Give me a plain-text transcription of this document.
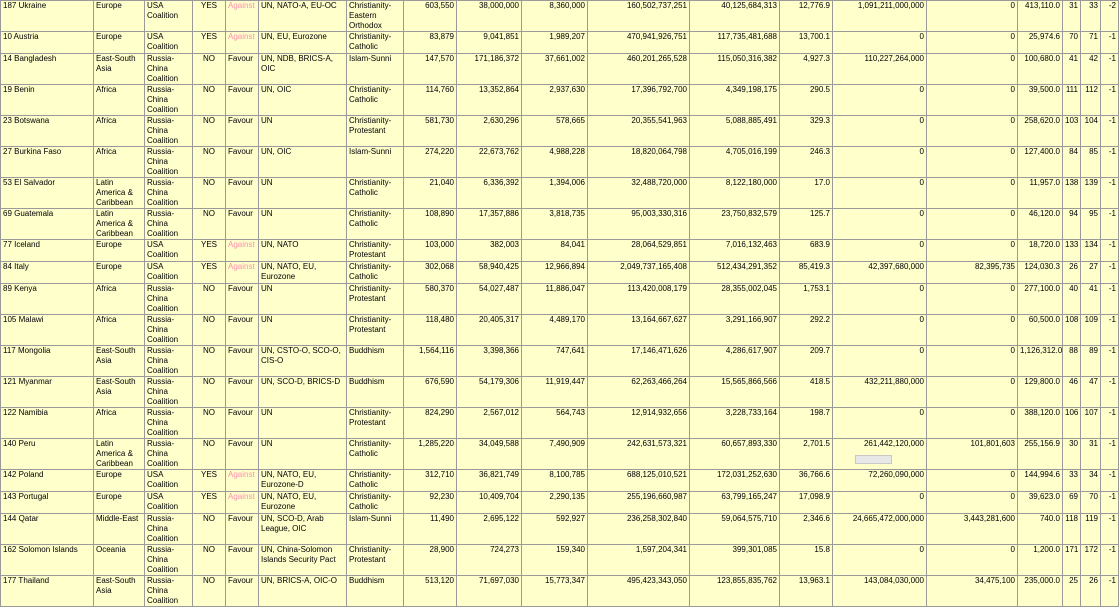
187 Ukraine	Europe	USA Coalition	YES	Against	UN, NATO-A, EU-OC	Christianity-Eastern Orthodox	603,550	38,000,000	8,360,000	160,502,737,251	40,125,684,313	12,776.9	1,091,211,000,000	0	413,110.0	31	33	-2
10 Austria	Europe	USA Coalition	YES	Against	UN, EU, Eurozone	Christianity-Catholic	83,879	9,041,851	1,989,207	470,941,926,751	117,735,481,688	13,700.1	0	0	25,974.6	70	71	-1
14 Bangladesh	East-South Asia	Russia-China Coalition	NO	Favour	UN, NDB, BRICS-A, OIC	Islam-Sunni	147,570	171,186,372	37,661,002	460,201,265,528	115,050,316,382	4,927.3	110,227,264,000	0	100,680.0	41	42	-1
19 Benin	Africa	Russia-China Coalition	NO	Favour	UN, OIC	Christianity-Catholic	114,760	13,352,864	2,937,630	17,396,792,700	4,349,198,175	290.5	0	0	39,500.0	111	112	-1
23 Botswana	Africa	Russia-China Coalition	NO	Favour	UN	Christianity-Protestant	581,730	2,630,296	578,665	20,355,541,963	5,088,885,491	329.3	0	0	258,620.0	103	104	-1
27 Burkina Faso	Africa	Russia-China Coalition	NO	Favour	UN, OIC	Islam-Sunni	274,220	22,673,762	4,988,228	18,820,064,798	4,705,016,199	246.3	0	0	127,400.0	84	85	-1
53 El Salvador	Latin America & Caribbean	Russia-China Coalition	NO	Favour	UN	Christianity-Catholic	21,040	6,336,392	1,394,006	32,488,720,000	8,122,180,000	17.0	0	0	11,957.0	138	139	-1
69 Guatemala	Latin America & Caribbean	Russia-China Coalition	NO	Favour	UN	Christianity-Catholic	108,890	17,357,886	3,818,735	95,003,330,316	23,750,832,579	125.7	0	0	46,120.0	94	95	-1
77 Iceland	Europe	USA Coalition	YES	Against	UN, NATO	Christianity-Protestant	103,000	382,003	84,041	28,064,529,851	7,016,132,463	683.9	0	0	18,720.0	133	134	-1
84 Italy	Europe	USA Coalition	YES	Against	UN, NATO, EU, Eurozone	Christianity-Catholic	302,068	58,940,425	12,966,894	2,049,737,165,408	512,434,291,352	85,419.3	42,397,680,000	82,395,735	124,030.3	26	27	-1
89 Kenya	Africa	Russia-China Coalition	NO	Favour	UN	Christianity-Protestant	580,370	54,027,487	11,886,047	113,420,008,179	28,355,002,045	1,753.1	0	0	277,100.0	40	41	-1
105 Malawi	Africa	Russia-China Coalition	NO	Favour	UN	Christianity-Protestant	118,480	20,405,317	4,489,170	13,164,667,627	3,291,166,907	292.2	0	0	60,500.0	108	109	-1
117 Mongolia	East-South Asia	Russia-China Coalition	NO	Favour	UN, CSTO-O, SCO-O, CIS-O	Buddhism	1,564,116	3,398,366	747,641	17,146,471,626	4,286,617,907	209.7	0	0	1,126,312.0	88	89	-1
121 Myanmar	East-South Asia	Russia-China Coalition	NO	Favour	UN, SCO-D, BRICS-D	Buddhism	676,590	54,179,306	11,919,447	62,263,466,264	15,565,866,566	418.5	432,211,880,000	0	129,800.0	46	47	-1
122 Namibia	Africa	Russia-China Coalition	NO	Favour	UN	Christianity-Protestant	824,290	2,567,012	564,743	12,914,932,656	3,228,733,164	198.7	0	0	388,120.0	106	107	-1
140 Peru	Latin America & Caribbean	Russia-China Coalition	NO	Favour	UN	Christianity-Catholic	1,285,220	34,049,588	7,490,909	242,631,573,321	60,657,893,330	2,701.5	261,442,120,000	101,801,603	255,156.9	30	31	-1
142 Poland	Europe	USA Coalition	YES	Against	UN, NATO, EU, Eurozone-D	Christianity-Catholic	312,710	36,821,749	8,100,785	688,125,010,521	172,031,252,630	36,766.6	72,260,090,000	0	144,994.6	33	34	-1
143 Portugal	Europe	USA Coalition	YES	Against	UN, NATO, EU, Eurozone	Christianity-Catholic	92,230	10,409,704	2,290,135	255,196,660,987	63,799,165,247	17,098.9	0	0	39,623.0	69	70	-1
144 Qatar	Middle-East	Russia-China Coalition	NO	Favour	UN, SCO-D, Arab League, OIC	Islam-Sunni	11,490	2,695,122	592,927	236,258,302,840	59,064,575,710	2,346.6	24,665,472,000,000	3,443,281,600	740.0	118	119	-1
162 Solomon Islands	Oceania	Russia-China Coalition	NO	Favour	UN, China-Solomon Islands Security Pact	Christianity-Protestant	28,900	724,273	159,340	1,597,204,341	399,301,085	15.8	0	0	1,200.0	171	172	-1
177 Thailand	East-South Asia	Russia-China Coalition	NO	Favour	UN, BRICS-A, OIC-O	Buddhism	513,120	71,697,030	15,773,347	495,423,343,050	123,855,835,762	13,963.1	143,084,030,000	34,475,100	235,000.0	25	26	-1
